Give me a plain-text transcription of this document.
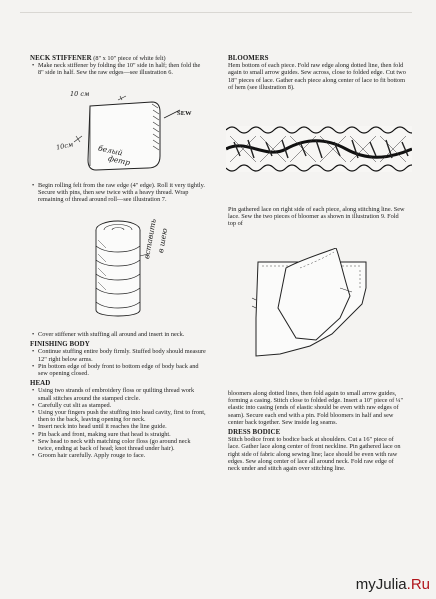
NECK STIFFENER (8" x 10" piece of white felt)
• Make neck stiffener by folding the 10" side in half; then fold the 8" side in half. Sew the raw edges—see illustration 6.
10 см
10см
SEW
белый
фетр
• Begin rolling felt from the raw edge (4" edge). Roll it very tightly. Secure with pins, then sew twice with a heavy thread. Wrap remaining of thread around roll—see illustration 7.
вставить
в шею
• Cover stiffener with stuffing all around and insert in neck.
FINISHING BODY
• Continue stuffing entire body firmly. Stuffed body should measure 12" right below arms.
• Pin bottom edge of body front to bottom edge of body back and sew opening closed.
HEAD
• Using two strands of embroidery floss or quilting thread work small stitches around the stamped circle.
• Carefully cut slit as stamped.
• Using your fingers push the stuffing into head cavity, first to front, then to the back, leaving opening for neck.
• Insert neck into head until it reaches the line guide.
• Pin back and front, making sure that head is straight.
• Sew head to neck with matching color floss (go around neck twice, ending at back of head; knot thread under hair).
• Groom hair carefully. Apply rouge to face.
BLOOMERS
Hem bottom of each piece. Fold raw edge along dotted line, then fold again to small arrow guides. Sew across, close to folded edge. Cut two 18" pieces of lace. Gather each piece along center of lace to fit bottom of hem (see illustration 8).
Pin gathered lace on right side of each piece, along stitching line. Sew lace. Sew the two pieces of bloomer as shown in illustration 9. Fold top of
bloomers along dotted lines, then fold again to small arrow guides, forming a casing. Stitch close to folded edge. Insert a 10" piece of ¼" elastic into casing (ends of elastic should be even with raw edges of seam). Secure each end with a pin. Fold bloomers in half and sew center back together. Sew inside leg seams.
DRESS BODICE
Stitch bodice front to bodice back at shoulders. Cut a 16" piece of lace. Gather lace along center of front neckline. Pin gathered lace on right side of fabric along sewing line; lace should be even with raw edges. Sew along center of lace all around neck. Fold raw edge of neck under and stitch again over stitching line.
myJulia.Ru
